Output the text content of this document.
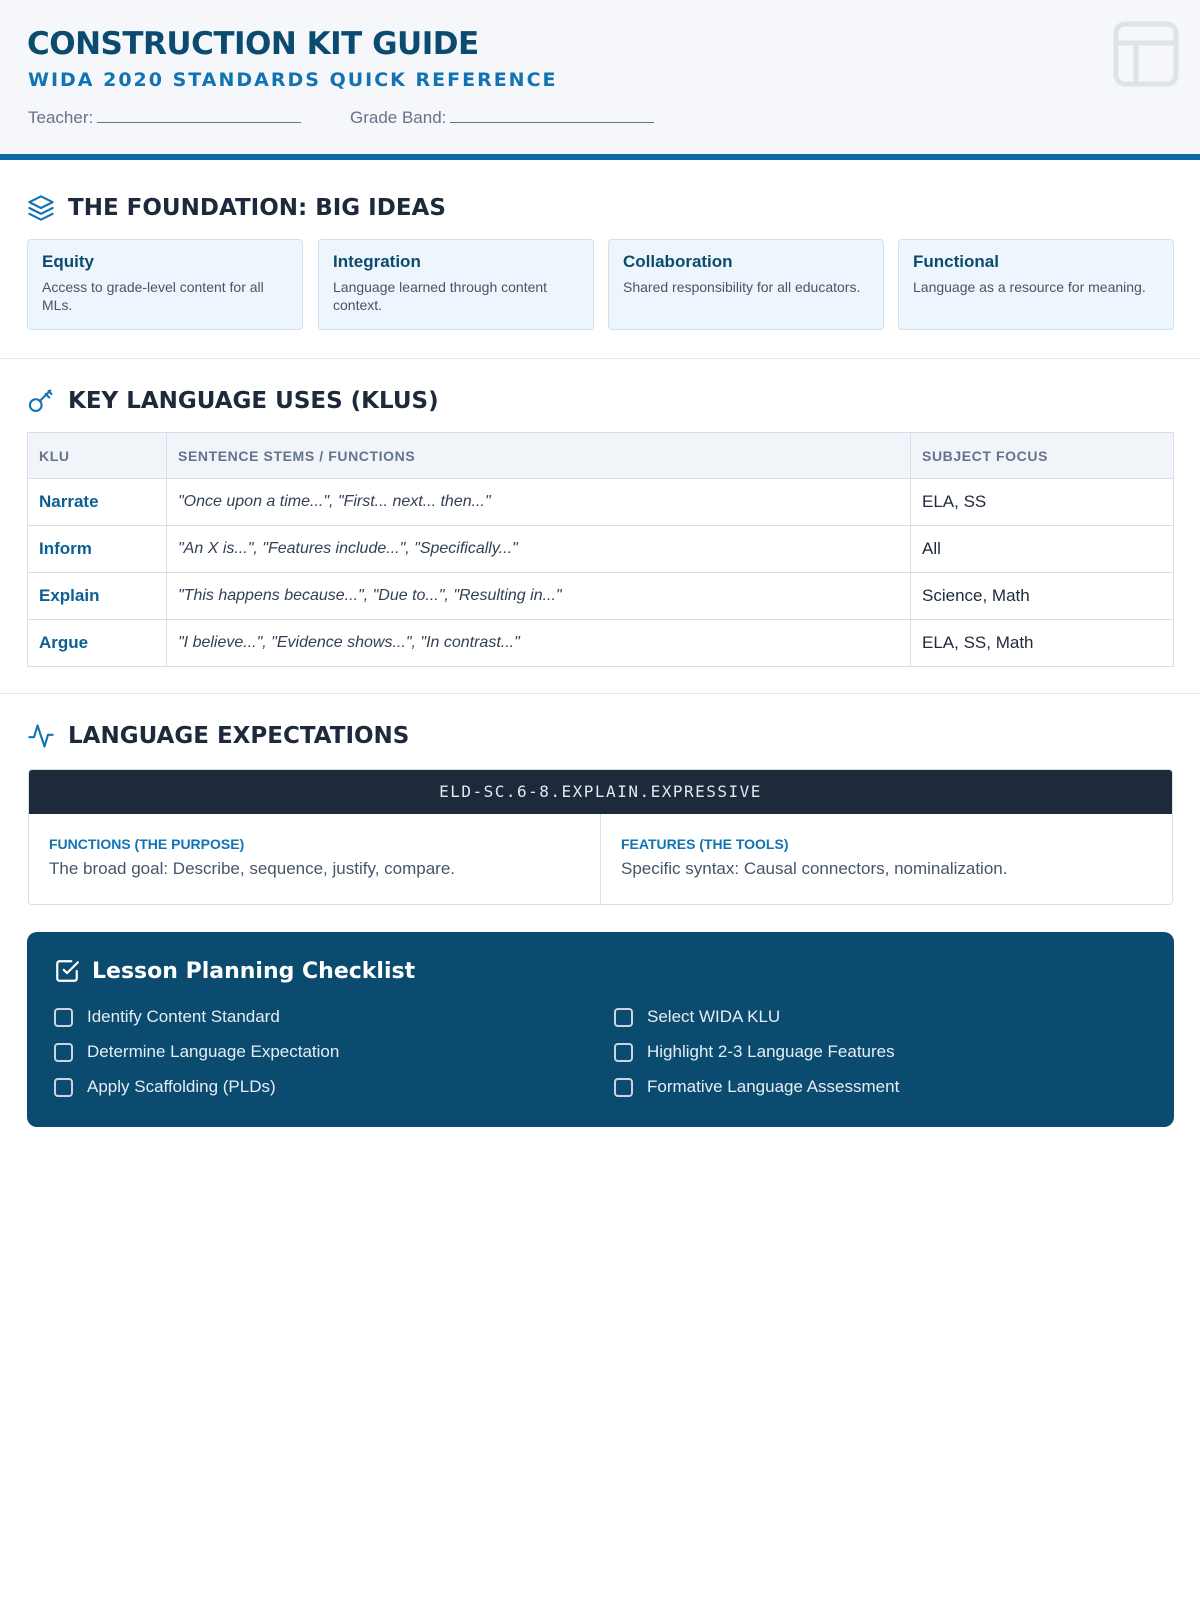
CONSTRUCTION KIT GUIDE
WIDA 2020 STANDARDS QUICK REFERENCE
Teacher:	Grade Band:
THE FOUNDATION: BIG IDEAS
Equity
Access to grade-level content for all MLs.
Integration
Language learned through content context.
Collaboration
Shared responsibility for all educators.
Functional
Language as a resource for meaning.
KEY LANGUAGE USES (KLUS)
KLU	SENTENCE STEMS / FUNCTIONS	SUBJECT FOCUS
Narrate	"Once upon a time...", "First... next... then..."	ELA, SS
Inform	"An X is...", "Features include...", "Specifically..."	All
Explain	"This happens because...", "Due to...", "Resulting in..."	Science, Math
Argue	"I believe...", "Evidence shows...", "In contrast..."	ELA, SS, Math
LANGUAGE EXPECTATIONS
ELD-SC.6-8.EXPLAIN.EXPRESSIVE
FUNCTIONS (THE PURPOSE)
The broad goal: Describe, sequence, justify, compare.
FEATURES (THE TOOLS)
Specific syntax: Causal connectors, nominalization.
Lesson Planning Checklist
Identify Content Standard	Select WIDA KLU
Determine Language Expectation	Highlight 2-3 Language Features
Apply Scaffolding (PLDs)	Formative Language Assessment
